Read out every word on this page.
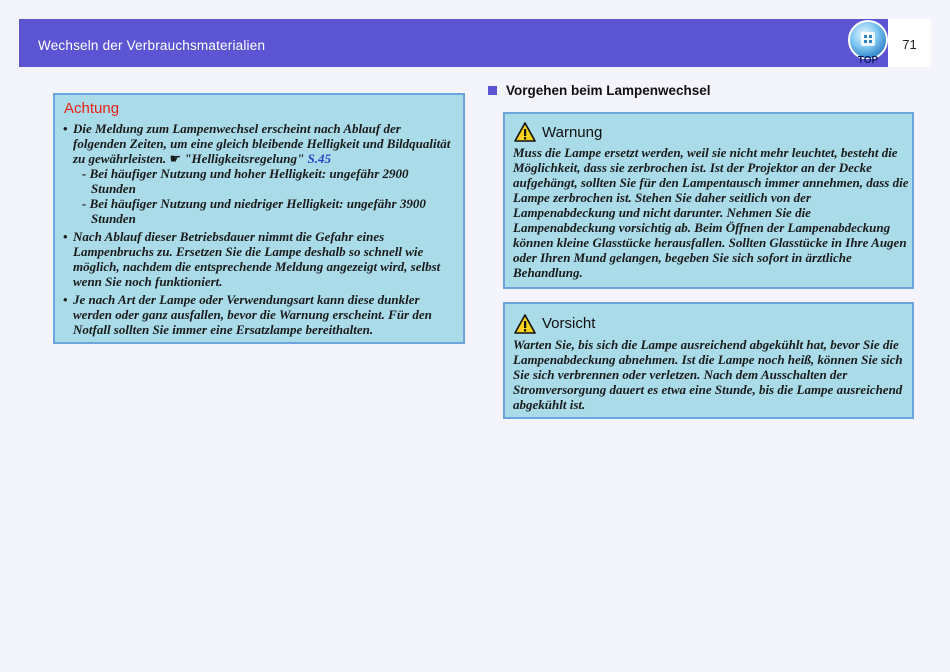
Wechseln der Verbrauchsmaterialien
TOP
71
Achtung
• Die Meldung zum Lampenwechsel erscheint nach Ablauf der folgenden Zeiten, um eine gleich bleibende Helligkeit und Bildqualität zu gewährleisten. ☛ "Helligkeitsregelung" S.45
- Bei häufiger Nutzung und hoher Helligkeit: ungefähr 2900 Stunden
- Bei häufiger Nutzung und niedriger Helligkeit: ungefähr 3900 Stunden
• Nach Ablauf dieser Betriebsdauer nimmt die Gefahr eines Lampenbruchs zu. Ersetzen Sie die Lampe deshalb so schnell wie möglich, nachdem die entsprechende Meldung angezeigt wird, selbst wenn Sie noch funktioniert.
• Je nach Art der Lampe oder Verwendungsart kann diese dunkler werden oder ganz ausfallen, bevor die Warnung erscheint. Für den Notfall sollten Sie immer eine Ersatzlampe bereithalten.
Vorgehen beim Lampenwechsel
Warnung
Muss die Lampe ersetzt werden, weil sie nicht mehr leuchtet, besteht die Möglichkeit, dass sie zerbrochen ist. Ist der Projektor an der Decke aufgehängt, sollten Sie für den Lampentausch immer annehmen, dass die Lampe zerbrochen ist. Stehen Sie daher seitlich von der Lampenabdeckung und nicht darunter. Nehmen Sie die Lampenabdeckung vorsichtig ab. Beim Öffnen der Lampenabdeckung können kleine Glasstücke herausfallen. Sollten Glasstücke in Ihre Augen oder Ihren Mund gelangen, begeben Sie sich sofort in ärztliche Behandlung.
Vorsicht
Warten Sie, bis sich die Lampe ausreichend abgekühlt hat, bevor Sie die Lampenabdeckung abnehmen. Ist die Lampe noch heiß, können Sie sich Sie sich verbrennen oder verletzen. Nach dem Ausschalten der Stromversorgung dauert es etwa eine Stunde, bis die Lampe ausreichend abgekühlt ist.
